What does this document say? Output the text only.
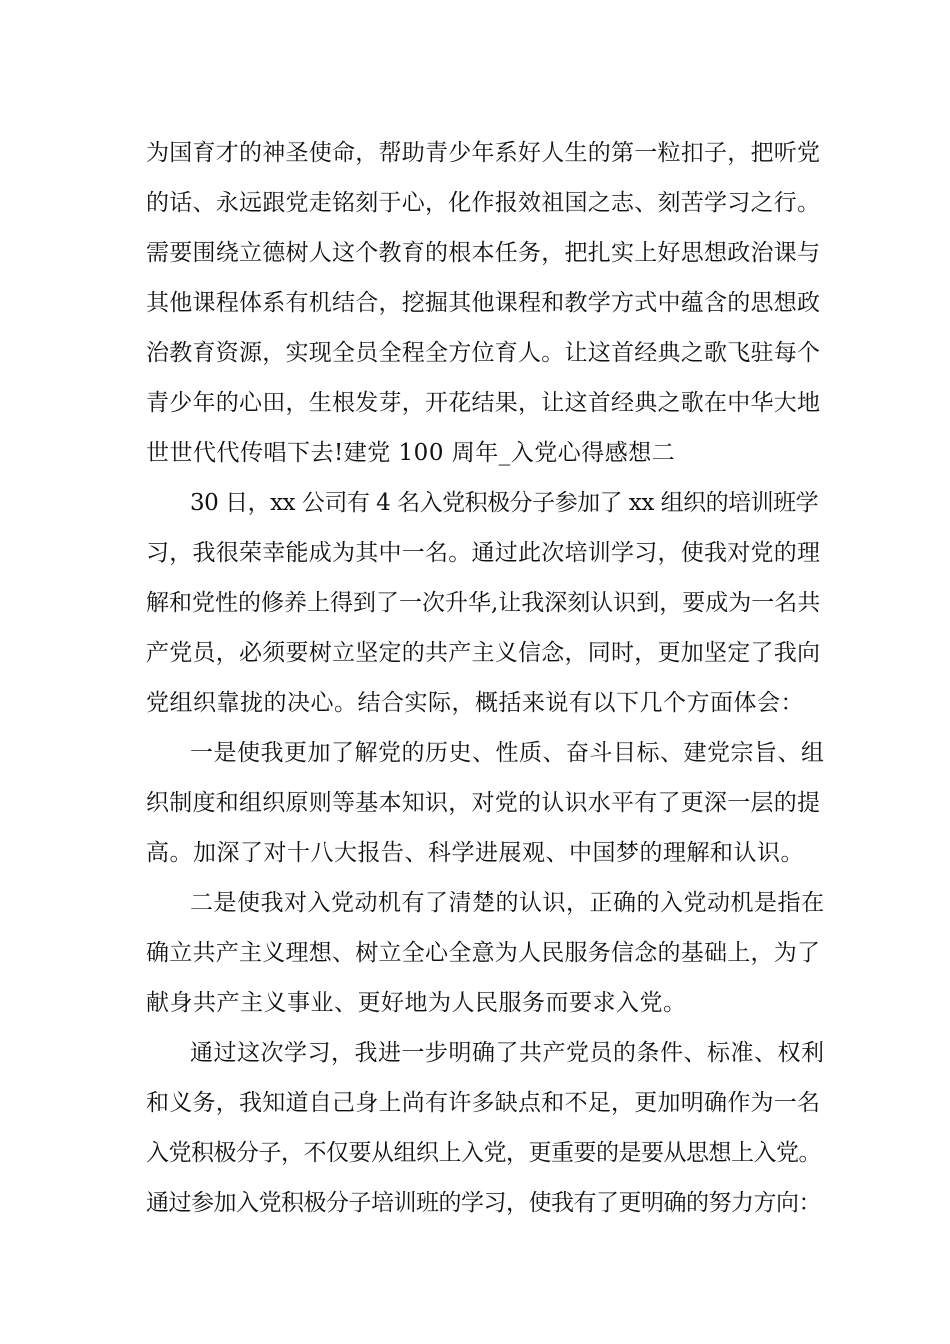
为国育才的神圣使命，帮助青少年系好人生的第一粒扣子，把听党
的话、永远跟党走铭刻于心，化作报效祖国之志、刻苦学习之行。
需要围绕立德树人这个教育的根本任务，把扎实上好思想政治课与
其他课程体系有机结合，挖掘其他课程和教学方式中蕴含的思想政
治教育资源，实现全员全程全方位育人。让这首经典之歌飞驻每个
青少年的心田，生根发芽，开花结果，让这首经典之歌在中华大地
世世代代传唱下去!建党 100 周年_入党心得感想二
30 日，xx 公司有 4 名入党积极分子参加了 xx 组织的培训班学
习，我很荣幸能成为其中一名。通过此次培训学习，使我对党的理
解和党性的修养上得到了一次升华,让我深刻认识到，要成为一名共
产党员，必须要树立坚定的共产主义信念，同时，更加坚定了我向
党组织靠拢的决心。结合实际，概括来说有以下几个方面体会：
一是使我更加了解党的历史、性质、奋斗目标、建党宗旨、组
织制度和组织原则等基本知识，对党的认识水平有了更深一层的提
高。加深了对十八大报告、科学进展观、中国梦的理解和认识。
二是使我对入党动机有了清楚的认识，正确的入党动机是指在
确立共产主义理想、树立全心全意为人民服务信念的基础上，为了
献身共产主义事业、更好地为人民服务而要求入党。
通过这次学习，我进一步明确了共产党员的条件、标准、权利
和义务，我知道自己身上尚有许多缺点和不足，更加明确作为一名
入党积极分子，不仅要从组织上入党，更重要的是要从思想上入党。
通过参加入党积极分子培训班的学习，使我有了更明确的努力方向：
